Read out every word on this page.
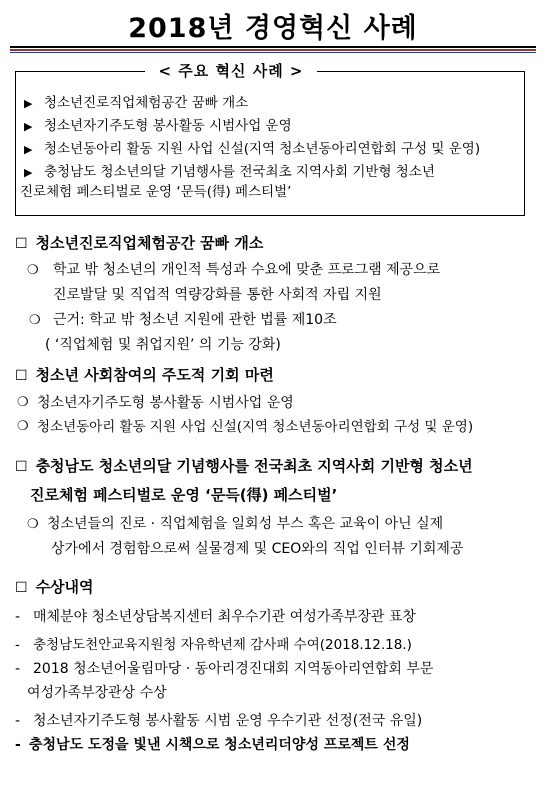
2018년 경영혁신 사례
< 주요 혁신 사례 >
▶ 청소년진로직업체험공간 꿈빠 개소
▶ 청소년자기주도형 봉사활동 시범사업 운영
▶ 청소년동아리 활동 지원 사업 신설(지역 청소년동아리연합회 구성 및 운영)
▶ 충청남도 청소년의달 기념행사를 전국최초 지역사회 기반형 청소년
진로체험 페스티벌로 운영 ‘문득(得) 페스티벌’
☐ 청소년진로직업체험공간 꿈빠 개소
❍ 학교 밖 청소년의 개인적 특성과 수요에 맞춘 프로그램 제공으로
진로발달 및 직업적 역량강화를 통한 사회적 자립 지원
❍ 근거: 학교 밖 청소년 지원에 관한 법률 제10조
( ‘직업체험 및 취업지원’ 의 기능 강화)
☐ 청소년 사회참여의 주도적 기회 마련
❍ 청소년자기주도형 봉사활동 시범사업 운영
❍ 청소년동아리 활동 지원 사업 신설(지역 청소년동아리연합회 구성 및 운영)
☐ 충청남도 청소년의달 기념행사를 전국최초 지역사회 기반형 청소년
진로체험 페스티벌로 운영 ‘문득(得) 페스티벌’
❍ 청소년들의 진로 · 직업체험을 일회성 부스 혹은 교육이 아닌 실제
상가에서 경험함으로써 실물경제 및 CEO와의 직업 인터뷰 기회제공
☐ 수상내역
- 매체분야 청소년상담복지센터 최우수기관 여성가족부장관 표창
- 충청남도천안교육지원청 자유학년제 감사패 수여(2018.12.18.)
- 2018 청소년어울림마당 · 동아리경진대회 지역동아리연합회 부문
여성가족부장관상 수상
- 청소년자기주도형 봉사활동 시범 운영 우수기관 선정(전국 유일)
- 충청남도 도정을 빛낸 시책으로 청소년리더양성 프로젝트 선정
